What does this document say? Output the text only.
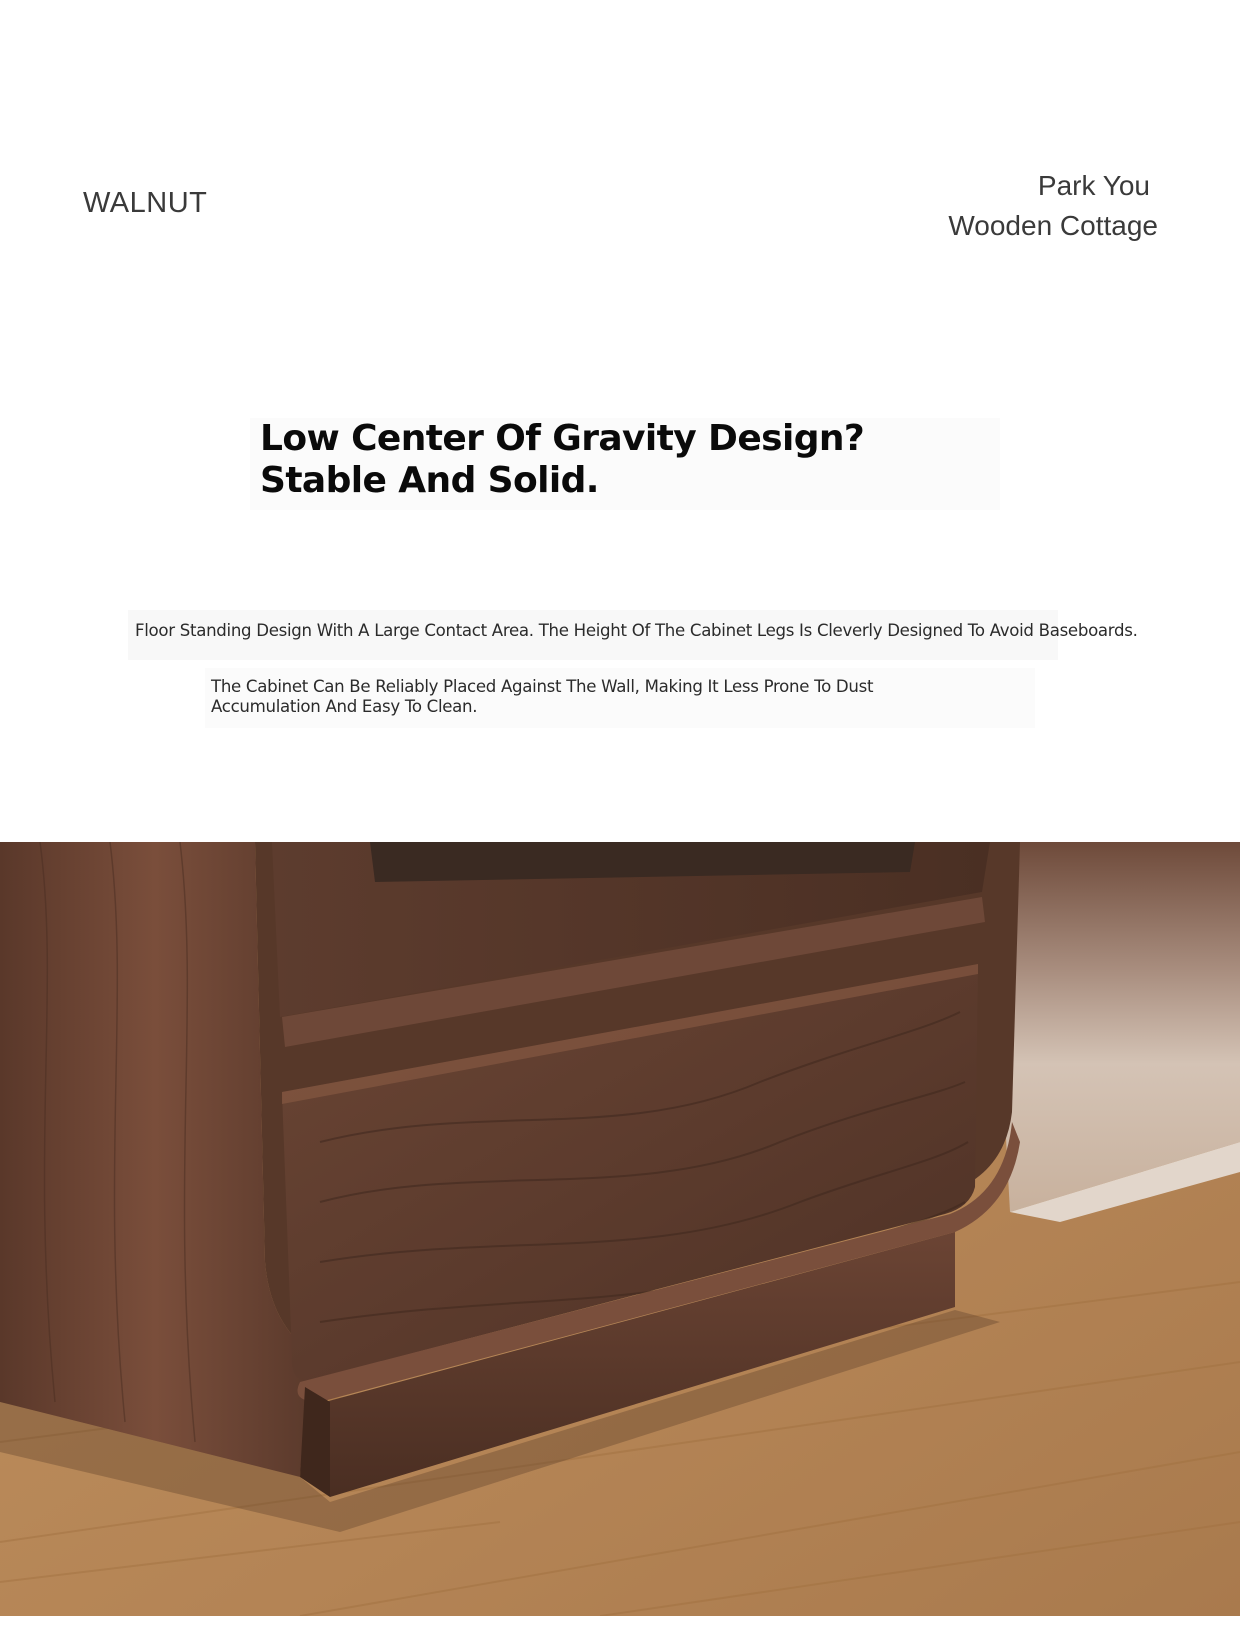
WALNUT
Park You
Wooden Cottage
Low Center Of Gravity Design? Stable And Solid.

Floor Standing Design With A Large Contact Area. The Height Of The Cabinet Legs Is Cleverly Designed To Avoid Baseboards.

The Cabinet Can Be Reliably Placed Against The Wall, Making It Less Prone To Dust Accumulation And Easy To Clean.
